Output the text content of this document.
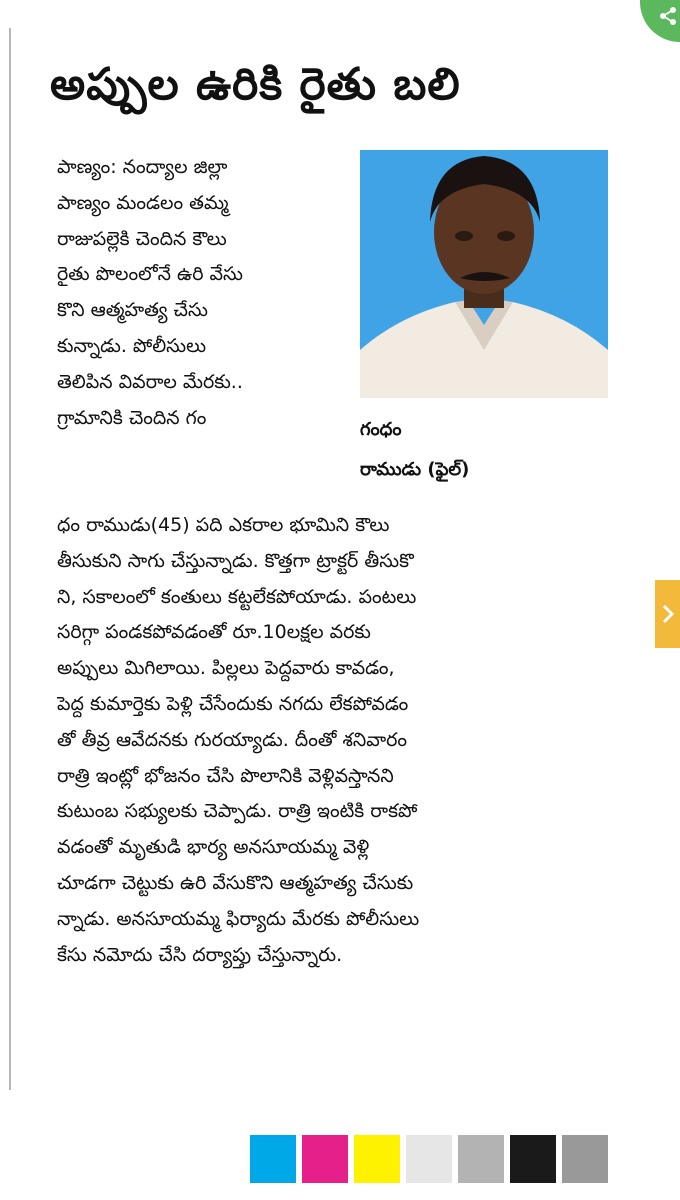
అప్పుల ఉరికి రైతు బలి
పాణ్యం: నంద్యాల జిల్లా
పాణ్యం మండలం తమ్మ
రాజుపల్లెకి చెందిన కౌలు
రైతు పొలంలోనే ఉరి వేసు
కొని ఆత్మహత్య చేసు
కున్నాడు. పోలీసులు
తెలిపిన వివరాల మేరకు..
గ్రామానికి చెందిన గం
గంధం
రాముడు (ఫైల్)
ధం రాముడు(45) పది ఎకరాల భూమిని కౌలు
తీసుకుని సాగు చేస్తున్నాడు. కొత్తగా ట్రాక్టర్ తీసుకొ
ని, సకాలంలో కంతులు కట్టలేకపోయాడు. పంటలు
సరిగ్గా పండకపోవడంతో రూ.10లక్షల వరకు
అప్పులు మిగిలాయి. పిల్లలు పెద్దవారు కావడం,
పెద్ద కుమార్తెకు పెళ్లి చేసేందుకు నగదు లేకపోవడం
తో తీవ్ర ఆవేదనకు గురయ్యాడు. దీంతో శనివారం
రాత్రి ఇంట్లో భోజనం చేసి పొలానికి వెళ్లివస్తానని
కుటుంబ సభ్యులకు చెప్పాడు. రాత్రి ఇంటికి రాకపో
వడంతో మృతుడి భార్య అనసూయమ్మ వెళ్లి
చూడగా చెట్టుకు ఉరి వేసుకొని ఆత్మహత్య చేసుకు
న్నాడు. అనసూయమ్మ ఫిర్యాదు మేరకు పోలీసులు
కేసు నమోదు చేసి దర్యాప్తు చేస్తున్నారు.
